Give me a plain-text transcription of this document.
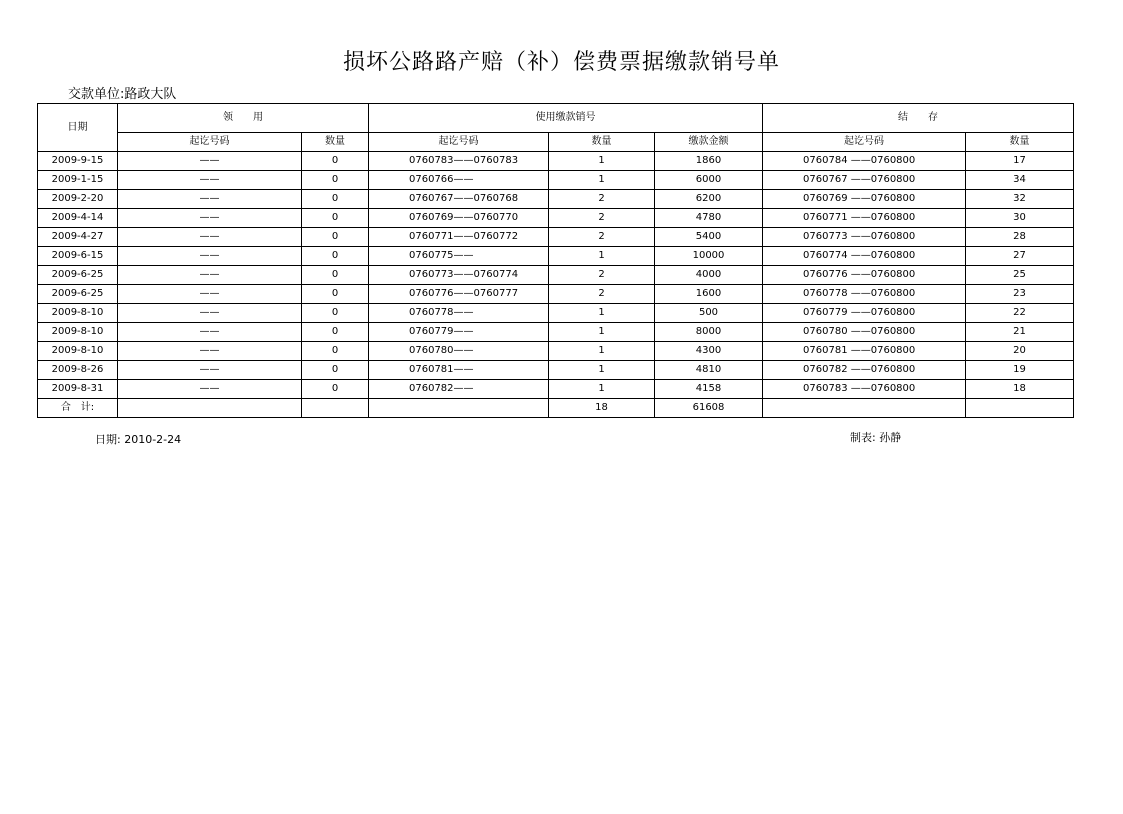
损坏公路路产赔（补）偿费票据缴款销号单
交款单位:路政大队
日期	领　　用		使用缴款销号			结　　存	
	起讫号码	数量	起讫号码	数量	缴款金额	起讫号码	数量
2009-9-15	——	0	0760783——0760783	1	1860	0760784 ——0760800	17
2009-1-15	——	0	0760766——	1	6000	0760767 ——0760800	34
2009-2-20	——	0	0760767——0760768	2	6200	0760769 ——0760800	32
2009-4-14	——	0	0760769——0760770	2	4780	0760771 ——0760800	30
2009-4-27	——	0	0760771——0760772	2	5400	0760773 ——0760800	28
2009-6-15	——	0	0760775——	1	10000	0760774 ——0760800	27
2009-6-25	——	0	0760773——0760774	2	4000	0760776 ——0760800	25
2009-6-25	——	0	0760776——0760777	2	1600	0760778 ——0760800	23
2009-8-10	——	0	0760778——	1	500	0760779 ——0760800	22
2009-8-10	——	0	0760779——	1	8000	0760780 ——0760800	21
2009-8-10	——	0	0760780——	1	4300	0760781 ——0760800	20
2009-8-26	——	0	0760781——	1	4810	0760782 ——0760800	19
2009-8-31	——	0	0760782——	1	4158	0760783 ——0760800	18
合　计:				18	61608		
日期: 2010-2-24	制表: 孙静
